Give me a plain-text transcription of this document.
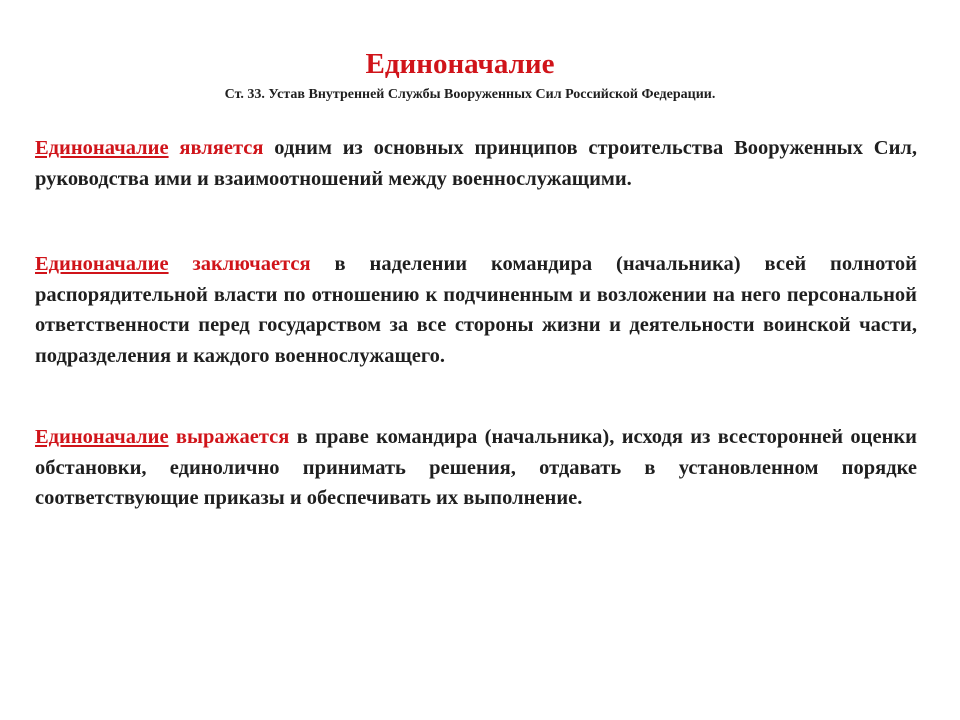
Единоначалие
Ст. 33. Устав Внутренней Службы Вооруженных Сил Российской Федерации.
Единоначалие является одним из основных принципов строительства Вооруженных Сил, руководства ими и взаимоотношений между военнослужащими.
Единоначалие заключается в наделении командира (начальника) всей полнотой распорядительной власти по отношению к подчиненным и возложении на него персональной ответственности перед государством за все стороны жизни и деятельности воинской части, подразделения и каждого военнослужащего.
Единоначалие выражается в праве командира (начальника), исходя из всесторонней оценки обстановки, единолично принимать решения, отдавать в установленном порядке соответствующие приказы и обеспечивать их выполнение.
